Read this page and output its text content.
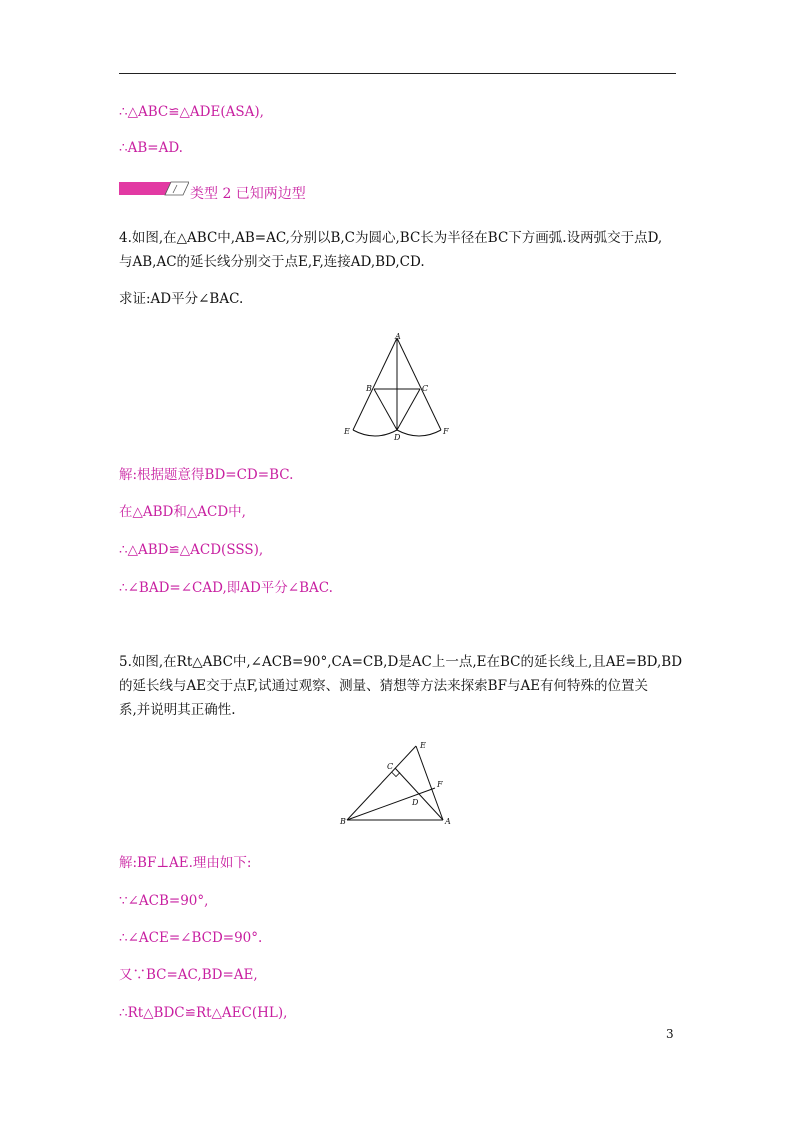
∴△ABC≌△ADE(ASA),
∴AB=AD.
类型 2 已知两边型
4.如图,在△ABC中,AB=AC,分别以B,C为圆心,BC长为半径在BC下方画弧.设两弧交于点D,
与AB,AC的延长线分别交于点E,F,连接AD,BD,CD.
求证:AD平分∠BAC.
A
B	C
E
D
F
解:根据题意得BD=CD=BC.
在△ABD和△ACD中,
∴△ABD≌△ACD(SSS),
∴∠BAD=∠CAD,即AD平分∠BAC.
5.如图,在Rt△ABC中,∠ACB=90°,CA=CB,D是AC上一点,E在BC的延长线上,且AE=BD,BD
的延长线与AE交于点F,试通过观察、测量、猜想等方法来探索BF与AE有何特殊的位置关
系,并说明其正确性.
E
C
F
D
B	A
解:BF⊥AE.理由如下:
∵∠ACB=90°,
∴∠ACE=∠BCD=90°.
又∵BC=AC,BD=AE,
∴Rt△BDC≌Rt△AEC(HL),
3
